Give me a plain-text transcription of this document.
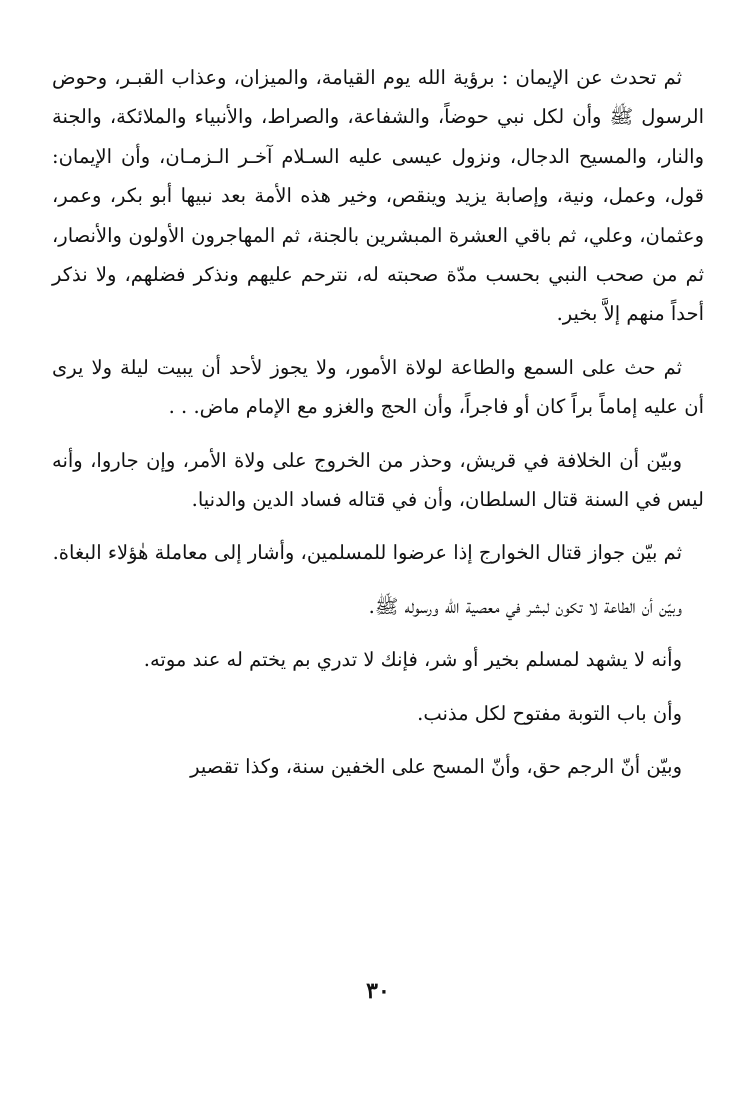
ثم تحدث عن الإيمان : برؤية الله يوم القيامة، والميزان، وعذاب القبـر، وحوض الرسول ﷺ وأن لكل نبي حوضاً، والشفاعة، والصراط، والأنبياء والملائكة، والجنة والنار، والمسيح الدجال، ونزول عيسى عليه السـلام آخـر الـزمـان، وأن الإيمان: قول، وعمل، ونية، وإصابة يزيد وينقص، وخير هذه الأمة بعد نبيها أبو بكر، وعمر، وعثمان، وعلي، ثم باقي العشرة المبشرين بالجنة، ثم المهاجرون الأولون والأنصار، ثم من صحب النبي بحسب مدّة صحبته له، نترحم عليهم ونذكر فضلهم، ولا نذكر أحداً منهم إلاَّ بخير.

ثم حث على السمع والطاعة لولاة الأمور، ولا يجوز لأحد أن يبيت ليلة ولا يرى أن عليه إماماً براً كان أو فاجراً، وأن الحج والغزو مع الإمام ماض. . .

وبيّن أن الخلافة في قريش، وحذر من الخروج على ولاة الأمر، وإن جاروا، وأنه ليس في السنة قتال السلطان، وأن في قتاله فساد الدين والدنيا.

ثم بيّن جواز قتال الخوارج إذا عرضوا للمسلمين، وأشار إلى معاملة هٰؤلاء البغاة.

وبيّن أن الطاعة لا تكون لبشر في معصية الله ورسوله ﷺ.

وأنه لا يشهد لمسلم بخير أو شر، فإنك لا تدري بم يختم له عند موته.

وأن باب التوبة مفتوح لكل مذنب.

وبيّن أنّ الرجم حق، وأنّ المسح على الخفين سنة، وكذا تقصير

٣٠
